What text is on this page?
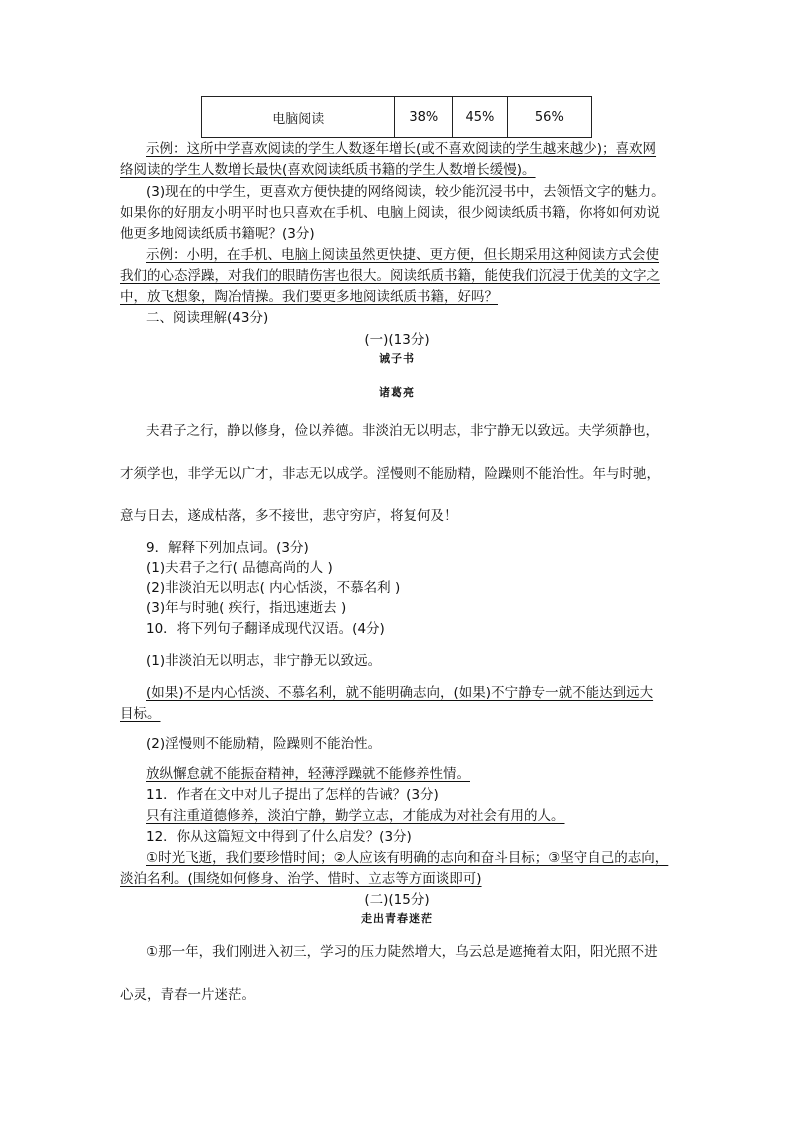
电脑阅读	38%	45%	56%
示例：这所中学喜欢阅读的学生人数逐年增长(或不喜欢阅读的学生越来越少)；喜欢网
络阅读的学生人数增长最快(喜欢阅读纸质书籍的学生人数增长缓慢)。
(3)现在的中学生，更喜欢方便快捷的网络阅读，较少能沉浸书中，去领悟文字的魅力。
如果你的好朋友小明平时也只喜欢在手机、电脑上阅读，很少阅读纸质书籍，你将如何劝说
他更多地阅读纸质书籍呢？(3分)
示例：小明，在手机、电脑上阅读虽然更快捷、更方便，但长期采用这种阅读方式会使
我们的心态浮躁，对我们的眼睛伤害也很大。阅读纸质书籍，能使我们沉浸于优美的文字之
中，放飞想象，陶冶情操。我们要更多地阅读纸质书籍，好吗？
二、阅读理解(43分)
(一)(13分)
诫子书
诸葛亮
夫君子之行，静以修身，俭以养德。非淡泊无以明志，非宁静无以致远。夫学须静也，
才须学也，非学无以广才，非志无以成学。淫慢则不能励精，险躁则不能治性。年与时驰，
意与日去，遂成枯落，多不接世，悲守穷庐，将复何及！
9．解释下列加点词。(3分)
(1)夫君子之行( 品德高尚的人 )
(2)非淡泊无以明志( 内心恬淡，不慕名利 )
(3)年与时驰( 疾行，指迅速逝去 )
10．将下列句子翻译成现代汉语。(4分)
(1)非淡泊无以明志，非宁静无以致远。
(如果)不是内心恬淡、不慕名利，就不能明确志向，(如果)不宁静专一就不能达到远大
目标。
(2)淫慢则不能励精，险躁则不能治性。
放纵懈怠就不能振奋精神，轻薄浮躁就不能修养性情。
11．作者在文中对儿子提出了怎样的告诫？(3分)
只有注重道德修养，淡泊宁静，勤学立志，才能成为对社会有用的人。
12．你从这篇短文中得到了什么启发？(3分)
①时光飞逝，我们要珍惜时间；②人应该有明确的志向和奋斗目标；③坚守自己的志向，
淡泊名利。(围绕如何修身、治学、惜时、立志等方面谈即可)
(二)(15分)
走出青春迷茫
①那一年，我们刚进入初三，学习的压力陡然增大，乌云总是遮掩着太阳，阳光照不进
心灵，青春一片迷茫。
